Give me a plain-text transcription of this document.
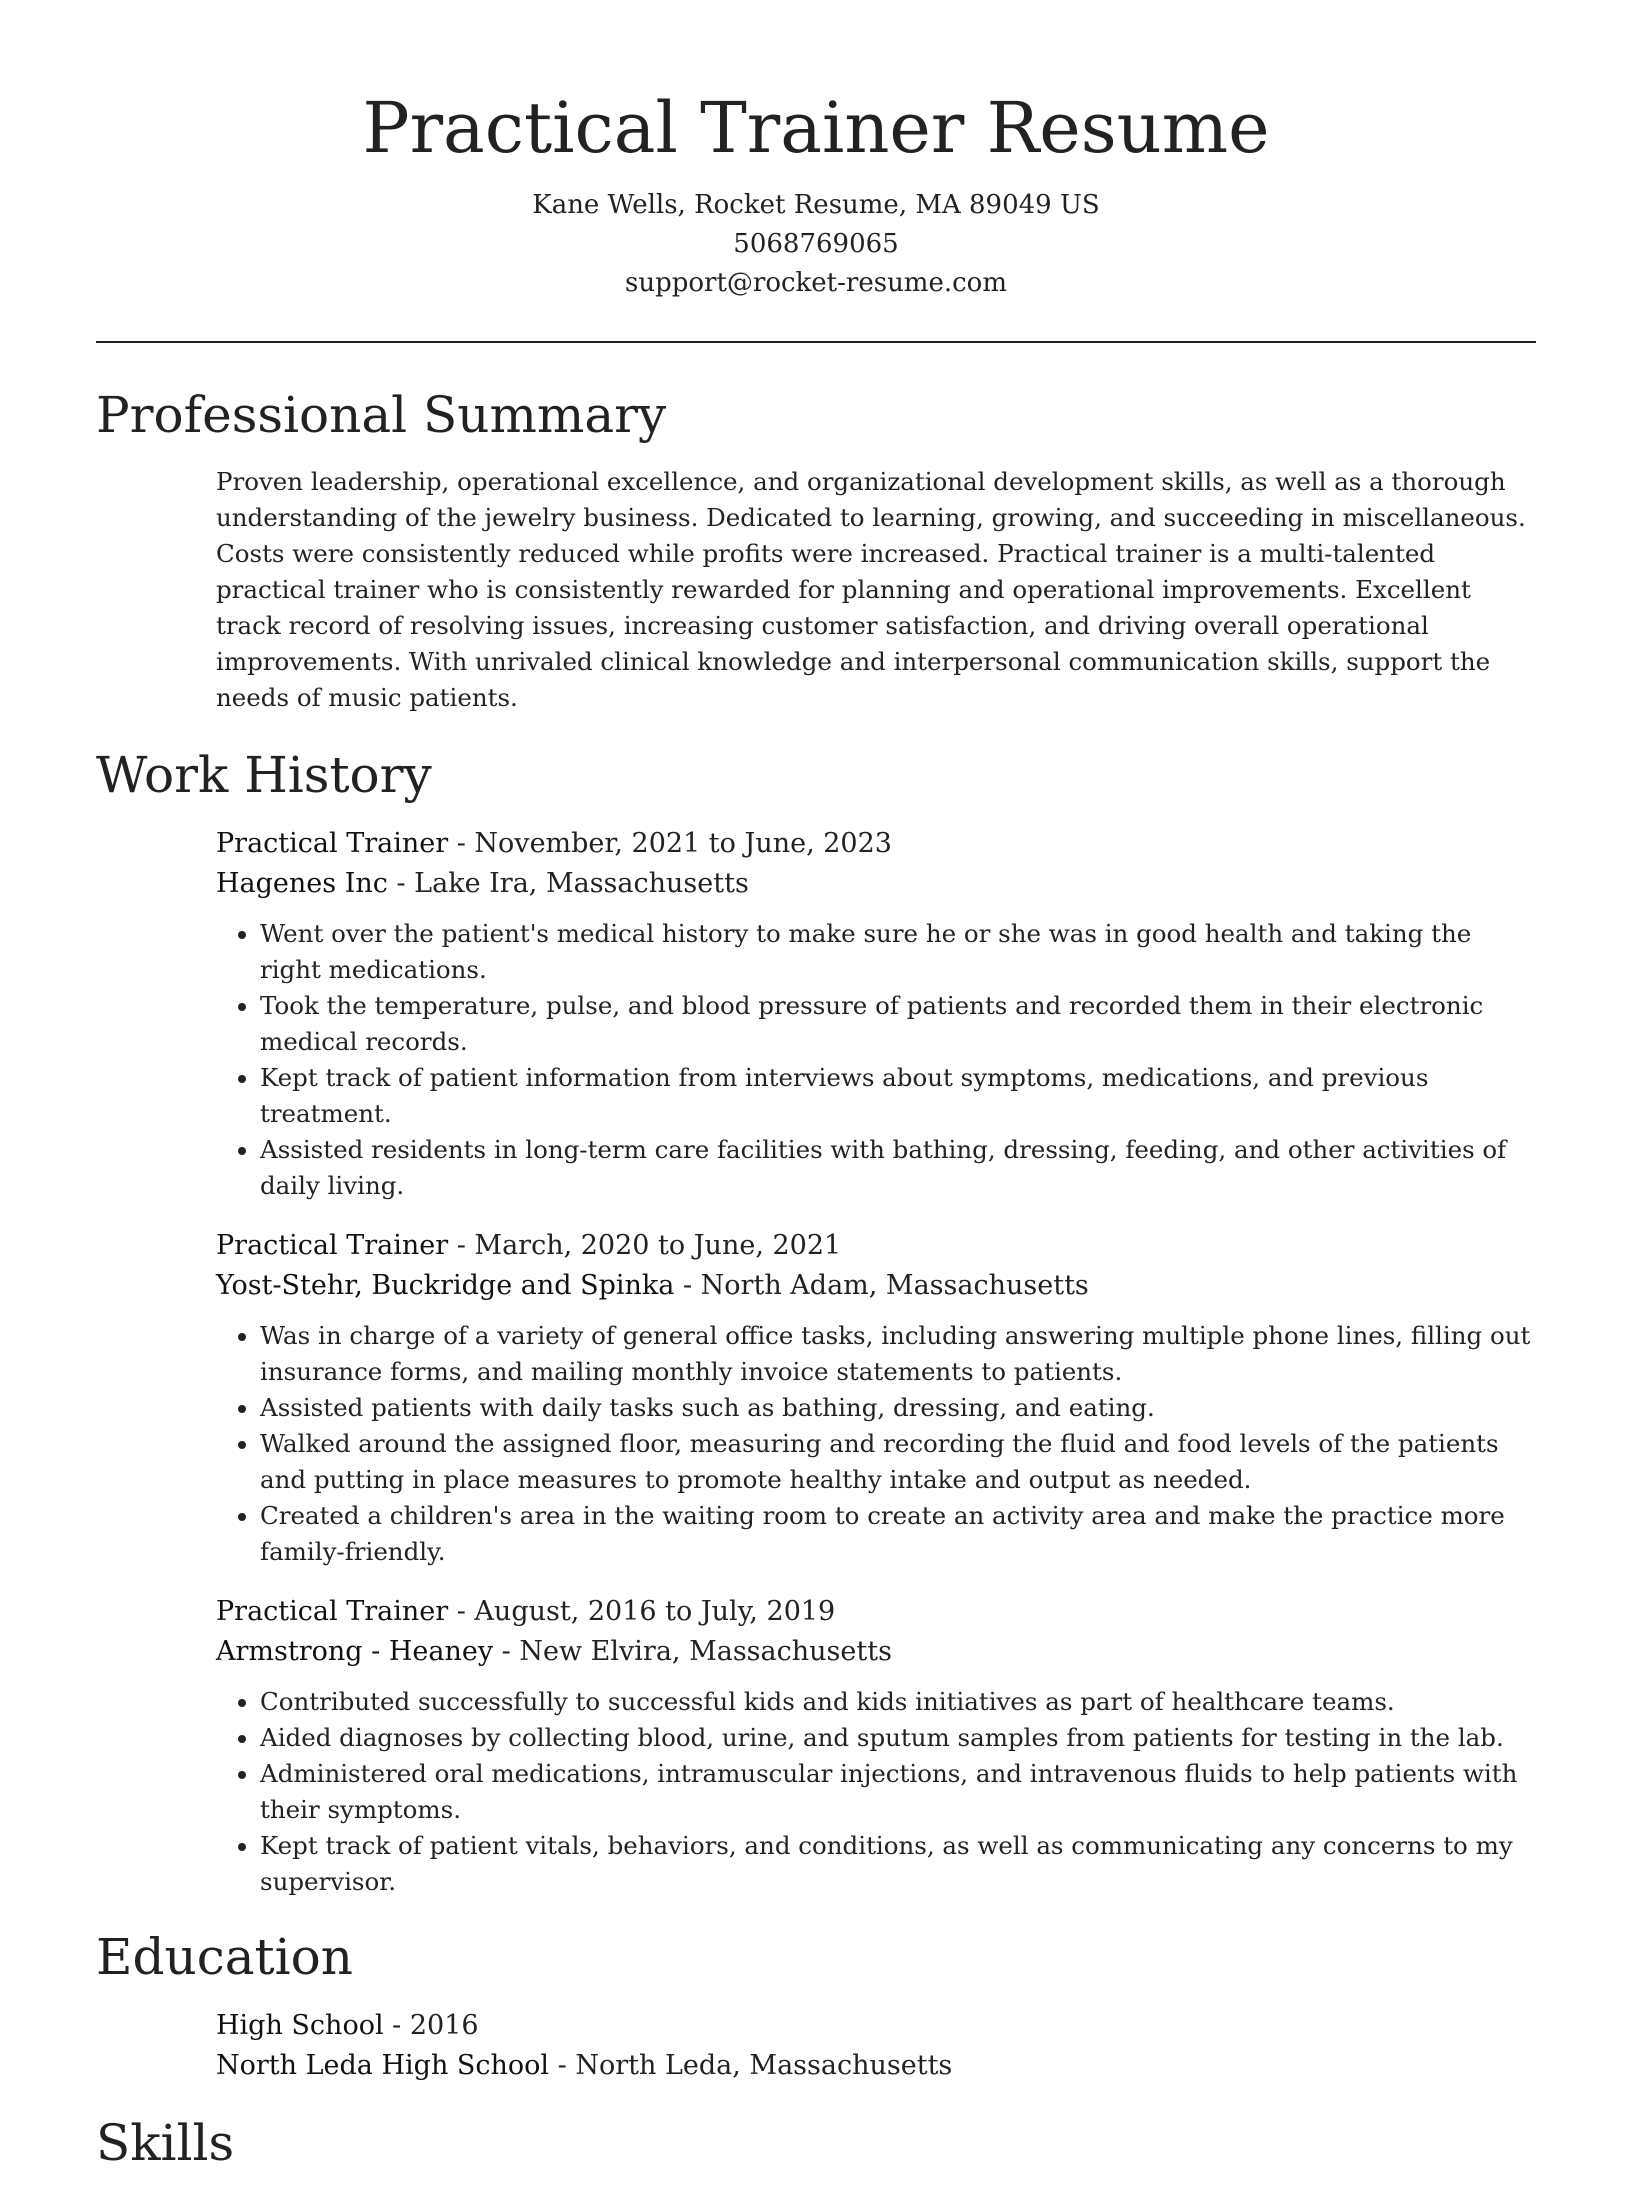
Practical Trainer Resume

Kane Wells, Rocket Resume, MA 89049 US

5068769065

support@rocket-resume.com

Professional Summary

Proven leadership, operational excellence, and organizational development skills, as well as a thorough understanding of the jewelry business. Dedicated to learning, growing, and succeeding in miscellaneous. Costs were consistently reduced while profits were increased. Practical trainer is a multi-talented practical trainer who is consistently rewarded for planning and operational improvements. Excellent track record of resolving issues, increasing customer satisfaction, and driving overall operational improvements. With unrivaled clinical knowledge and interpersonal communication skills, support the needs of music patients.

Work History

Practical Trainer - November, 2021 to June, 2023

Hagenes Inc - Lake Ira, Massachusetts

• Went over the patient's medical history to make sure he or she was in good health and taking the right medications.
• Took the temperature, pulse, and blood pressure of patients and recorded them in their electronic medical records.
• Kept track of patient information from interviews about symptoms, medications, and previous treatment.
• Assisted residents in long-term care facilities with bathing, dressing, feeding, and other activities of daily living.

Practical Trainer - March, 2020 to June, 2021

Yost-Stehr, Buckridge and Spinka - North Adam, Massachusetts

• Was in charge of a variety of general office tasks, including answering multiple phone lines, filling out insurance forms, and mailing monthly invoice statements to patients.
• Assisted patients with daily tasks such as bathing, dressing, and eating.
• Walked around the assigned floor, measuring and recording the fluid and food levels of the patients and putting in place measures to promote healthy intake and output as needed.
• Created a children's area in the waiting room to create an activity area and make the practice more family-friendly.

Practical Trainer - August, 2016 to July, 2019

Armstrong - Heaney - New Elvira, Massachusetts

• Contributed successfully to successful kids and kids initiatives as part of healthcare teams.
• Aided diagnoses by collecting blood, urine, and sputum samples from patients for testing in the lab.
• Administered oral medications, intramuscular injections, and intravenous fluids to help patients with their symptoms.
• Kept track of patient vitals, behaviors, and conditions, as well as communicating any concerns to my supervisor.
Education

High School - 2016

North Leda High School - North Leda, Massachusetts

Skills
